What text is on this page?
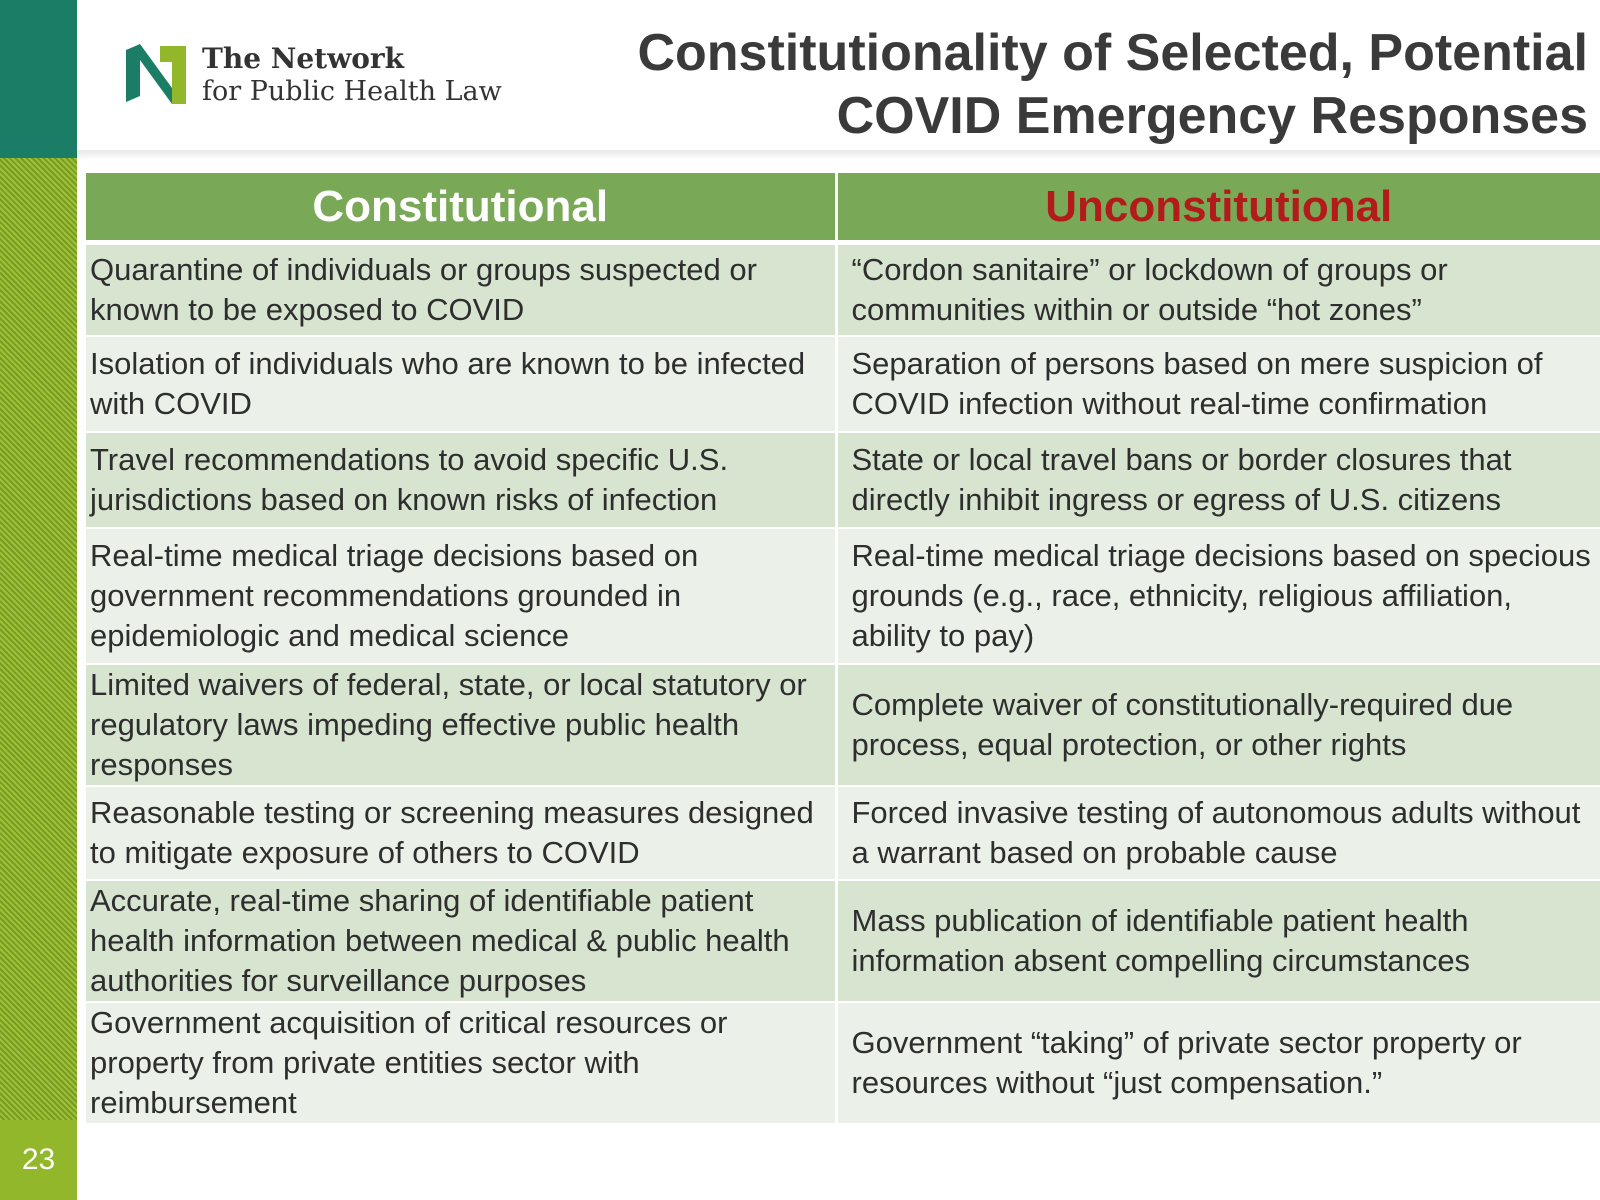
23
The Network
for Public Health Law
Constitutionality of Selected, Potential
COVID Emergency Responses
Constitutional	Unconstitutional
Quarantine of individuals or groups suspected or known to be exposed to COVID	“Cordon sanitaire” or lockdown of groups or communities within or outside “hot zones”
Isolation of individuals who are known to be infected with COVID	Separation of persons based on mere suspicion of COVID infection without real-time confirmation
Travel recommendations to avoid specific U.S. jurisdictions based on known risks of infection	State or local travel bans or border closures that directly inhibit ingress or egress of U.S. citizens
Real-time medical triage decisions based on government recommendations grounded in epidemiologic and medical science	Real-time medical triage decisions based on specious grounds (e.g., race, ethnicity, religious affiliation, ability to pay)
Limited waivers of federal, state, or local statutory or regulatory laws impeding effective public health responses	Complete waiver of constitutionally-required due process, equal protection, or other rights
Reasonable testing or screening measures designed to mitigate exposure of others to COVID	Forced invasive testing of autonomous adults without a warrant based on probable cause
Accurate, real-time sharing of identifiable patient health information between medical & public health authorities for surveillance purposes	Mass publication of identifiable patient health information absent compelling circumstances
Government acquisition of critical resources or property from private entities sector with reimbursement	Government “taking” of private sector property or resources without “just compensation.”
